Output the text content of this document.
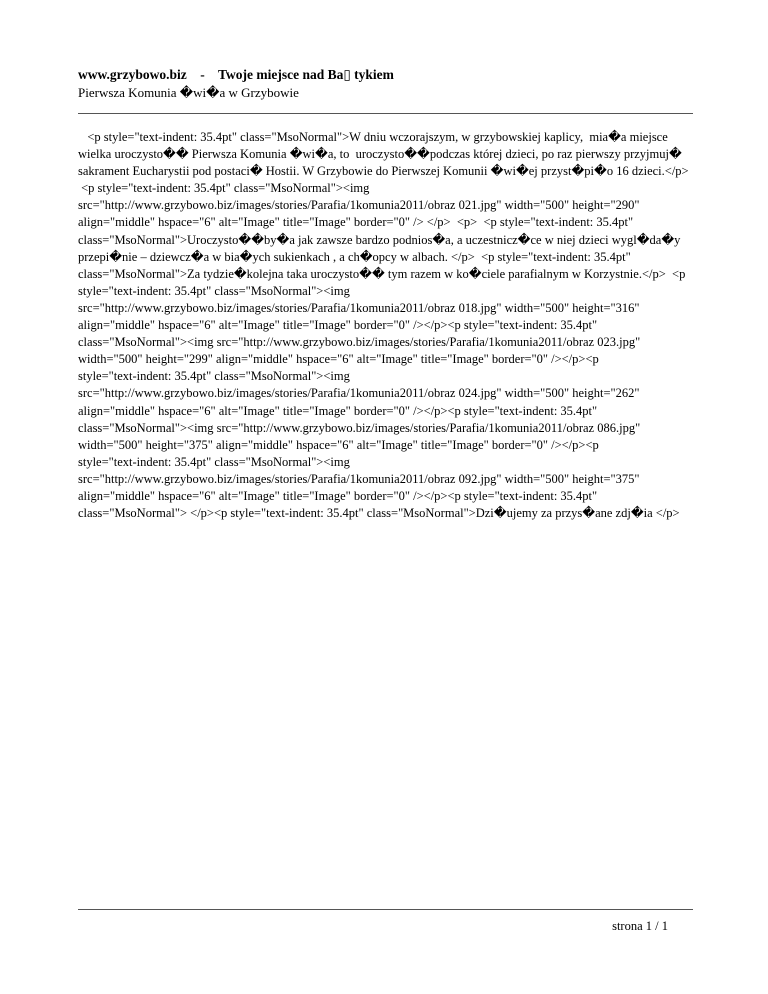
www.grzybowo.biz    -    Twoje miejsce nad Ba▯ tykiem
Pierwsza Komunia �wi�a w Grzybowie
<p style="text-indent: 35.4pt" class="MsoNormal">W dniu wczorajszym, w grzybowskiej kaplicy,  mia�a miejsce
wielka uroczysto�� Pierwsza Komunia �wi�a, to  uroczysto��podczas której dzieci, po raz pierwszy przyjmuj�
sakrament Eucharystii pod postaci� Hostii. W Grzybowie do Pierwszej Komunii �wi�ej przyst�pi�o 16 dzieci.</p>
<p style="text-indent: 35.4pt" class="MsoNormal"><img
src="http://www.grzybowo.biz/images/stories/Parafia/1komunia2011/obraz 021.jpg" width="500" height="290"
align="middle" hspace="6" alt="Image" title="Image" border="0" /> </p>  <p>  <p style="text-indent: 35.4pt"
class="MsoNormal">Uroczysto��by�a jak zawsze bardzo podnios�a, a uczestnicz�ce w niej dzieci wygl�da�y
przepi�nie – dziewcz�a w bia�ych sukienkach , a ch�opcy w albach. </p>  <p style="text-indent: 35.4pt"
class="MsoNormal">Za tydzie�kolejna taka uroczysto�� tym razem w ko�ciele parafialnym w Korzystnie.</p>  <p
style="text-indent: 35.4pt" class="MsoNormal"><img
src="http://www.grzybowo.biz/images/stories/Parafia/1komunia2011/obraz 018.jpg" width="500" height="316"
align="middle" hspace="6" alt="Image" title="Image" border="0" /></p><p style="text-indent: 35.4pt"
class="MsoNormal"><img src="http://www.grzybowo.biz/images/stories/Parafia/1komunia2011/obraz 023.jpg"
width="500" height="299" align="middle" hspace="6" alt="Image" title="Image" border="0" /></p><p
style="text-indent: 35.4pt" class="MsoNormal"><img
src="http://www.grzybowo.biz/images/stories/Parafia/1komunia2011/obraz 024.jpg" width="500" height="262"
align="middle" hspace="6" alt="Image" title="Image" border="0" /></p><p style="text-indent: 35.4pt"
class="MsoNormal"><img src="http://www.grzybowo.biz/images/stories/Parafia/1komunia2011/obraz 086.jpg"
width="500" height="375" align="middle" hspace="6" alt="Image" title="Image" border="0" /></p><p
style="text-indent: 35.4pt" class="MsoNormal"><img
src="http://www.grzybowo.biz/images/stories/Parafia/1komunia2011/obraz 092.jpg" width="500" height="375"
align="middle" hspace="6" alt="Image" title="Image" border="0" /></p><p style="text-indent: 35.4pt"
class="MsoNormal"> </p><p style="text-indent: 35.4pt" class="MsoNormal">Dzi�ujemy za przys�ane zdj�ia </p>
strona 1 / 1
